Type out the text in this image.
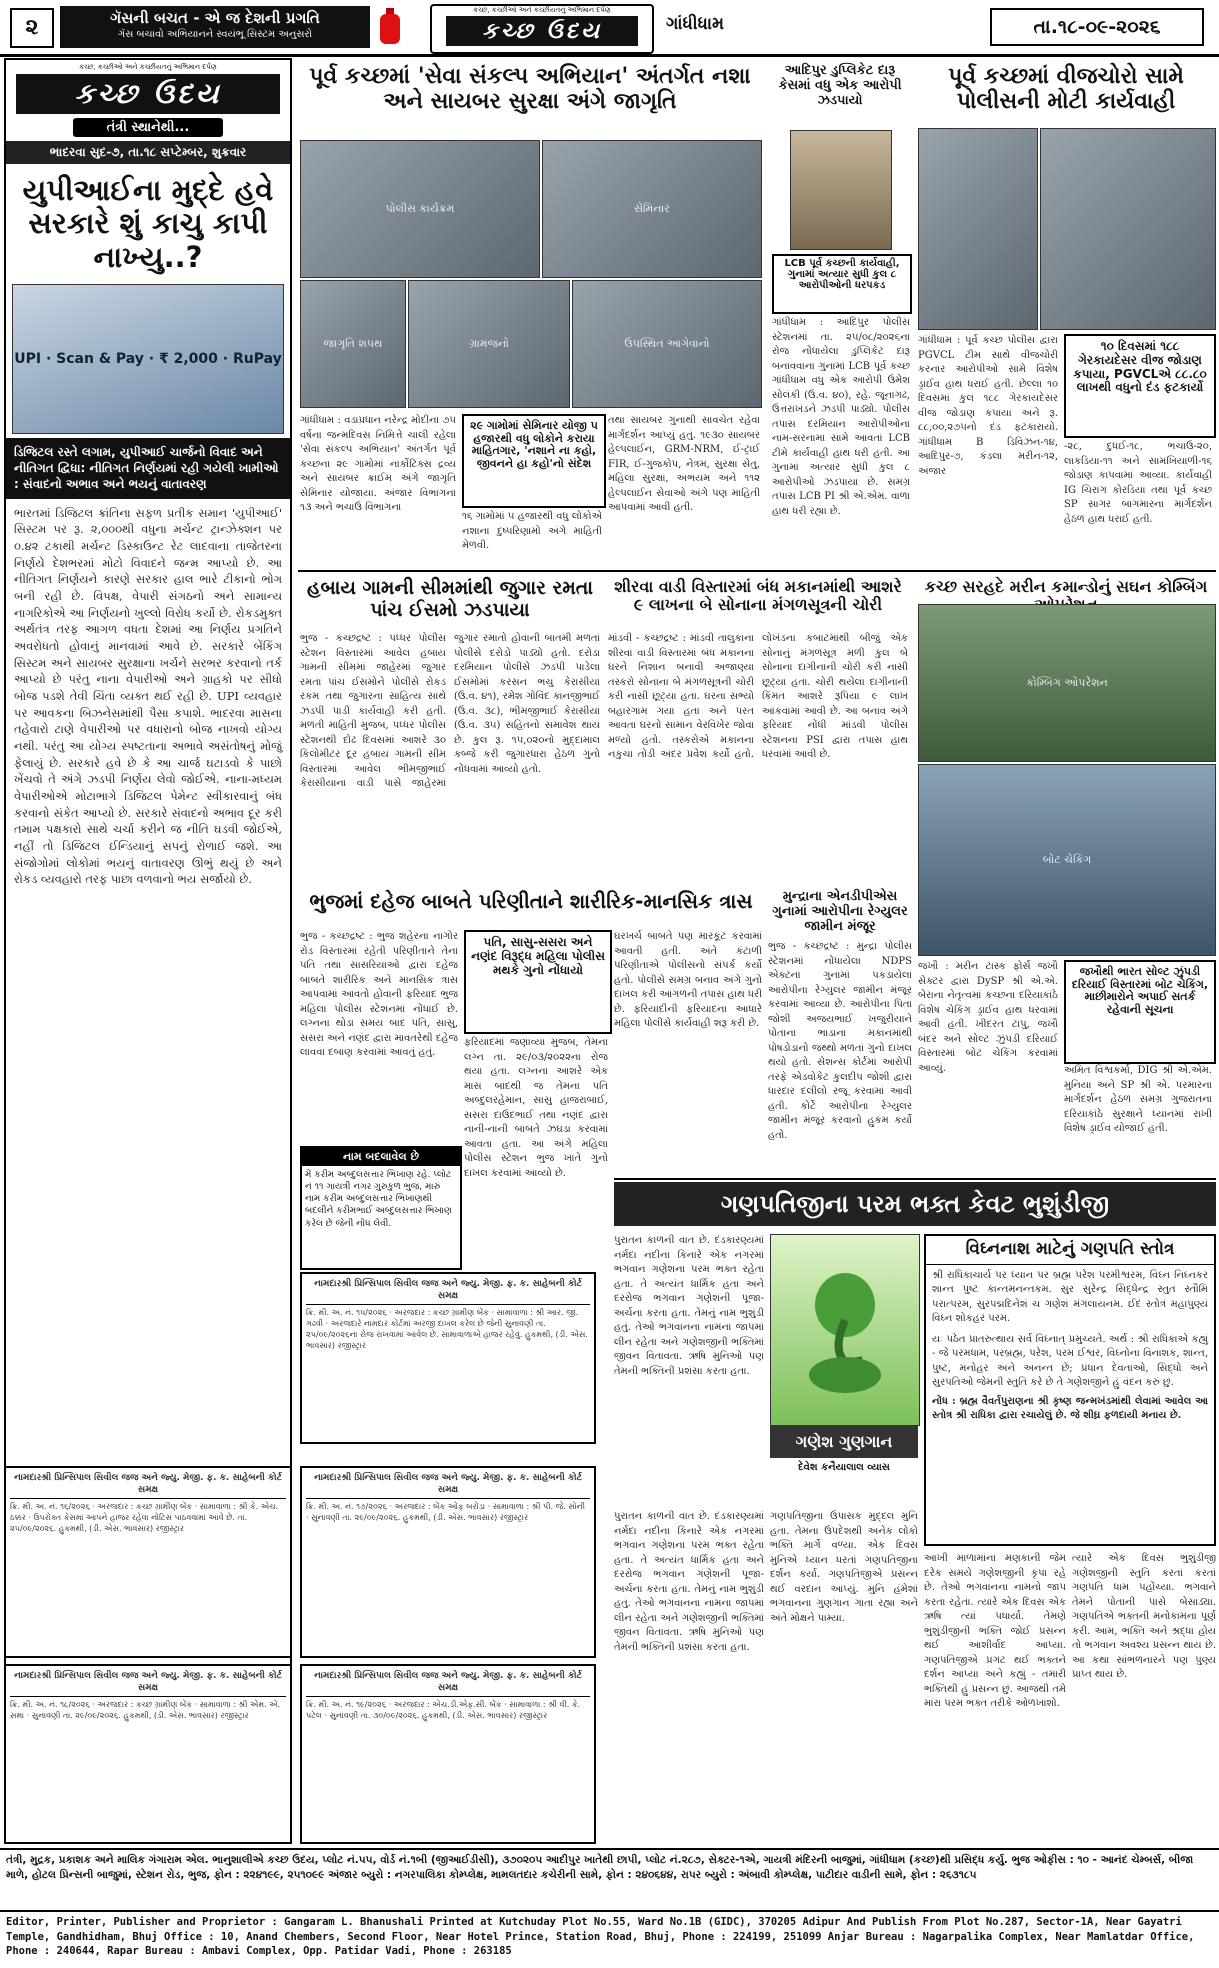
૨	ગૅસની બચત - એ જ દેશની પ્રગતિ
ગૅસ બચાવો અભિયાનને સ્વયંભૂ સિસ્ટમ અનુસરો
કચ્છ, કચ્છીઓ અને કચ્છીયતનું અભિમાન દર્પણ
કચ્છ ઉદય	ગાંધીધામ	તા.૧૮-૦૯-૨૦૨૬
કચ્છ, કચ્છીઓ અને કચ્છીયતનું અભિમાન દર્પણ
કચ્છ ઉદય
તંત્રી સ્થાનેથી...
ભાદરવા સુદ-૭, તા.૧૮ સપ્ટેમ્બર, શુક્રવાર
યુપીઆઈના મુદ્દે હવે સરકારે શું કાચુ કાપી નાખ્યુ..?
UPI · Scan & Pay · ₹ 2,000 · RuPay
ડિજિટલ રસ્તે લગામ, યુપીઆઈ ચાર્જનો વિવાદ અને નીતિગત દ્વિધા: નીતિગત નિર્ણયમાં રહી ગયેલી ખામીઓ : સંવાદનો અભાવ અને ભયનું વાતાવરણ
ભારતમાં ડિજિટલ ક્રાંતિના સફળ પ્રતીક સમાન 'યુપીઆઈ' સિસ્ટમ પર રૂ. ૨,૦૦૦થી વધુના મર્ચન્ટ ટ્રાન્ઝેક્શન પર ૦.૪૨ ટકાથી મર્ચન્ટ ડિસ્કાઉન્ટ રેટ લાદવાના તાજેતરના નિર્ણયે દેશભરમાં મોટો વિવાદને જન્મ આપ્યો છે. આ નીતિગત નિર્ણયને કારણે સરકાર હાલ ભારે ટીકાનો ભોગ બની રહી છે. વિપક્ષ, વેપારી સંગઠનો અને સામાન્ય નાગરિકોએ આ નિર્ણયનો ખુલ્લો વિરોધ કર્યો છે. રોકડમુક્ત અર્થતંત્ર તરફ આગળ વધતા દેશમાં આ નિર્ણય પ્રગતિને અવરોધતો હોવાનું માનવામાં આવે છે. સરકારે બેંકિંગ સિસ્ટમ અને સાયબર સુરક્ષાના ખર્ચને સરભર કરવાનો તર્ક આપ્યો છે પરંતુ નાના વેપારીઓ અને ગ્રાહકો પર સીધો બોજ પડશે તેવી ચિંતા વ્યક્ત થઈ રહી છે. UPI વ્યવહાર પર આવકના બિઝનેસમાંથી પૈસા કપાશે. ભાદરવા માસના તહેવારો ટાણે વેપારીઓ પર વધારાનો બોજ નાખવો યોગ્ય નથી. પરંતુ આ યોગ્ય સ્પષ્ટતાના અભાવે અસંતોષનું મોજું ફેલાયું છે. સરકારે હવે છે કે આ ચાર્જ ઘટાડવો કે પાછો ખેંચવો તે અંગે ઝડપી નિર્ણય લેવો જોઈએ. નાના-મધ્યમ વેપારીઓએ મોટાભાગે ડિજિટલ પેમેન્ટ સ્વીકારવાનું બંધ કરવાનો સંકેત આપ્યો છે. સરકારે સંવાદનો અભાવ દૂર કરી તમામ પક્ષકારો સાથે ચર્ચા કરીને જ નીતિ ઘડવી જોઈએ, નહીં તો ડિજિટલ ઈન્ડિયાનું સપનું રોળાઈ જશે. આ સંજોગોમાં લોકોમાં ભયનું વાતાવરણ ઊભું થયું છે અને રોકડ વ્યવહારો તરફ પાછા વળવાનો ભય સર્જાયો છે.
પૂર્વ કચ્છમાં 'સેવા સંકલ્પ અભિયાન' અંતર્ગત નશા અને સાયબર સુરક્ષા અંગે જાગૃતિ
પોલીસ કાર્યક્રમ	સેમિનાર
જાગૃતિ શપથ	ગ્રામજનો	ઉપસ્થિત આગેવાનો
ગાંધીધામ : વડાપ્રધાન નરેન્દ્ર મોદીના ૭૫ વર્ષના જન્મદિવસ નિમિત્તે ચાલી રહેલા 'સેવા સંકલ્પ અભિયાન' અંતર્ગત પૂર્વ કચ્છના ૨૯ ગામોમાં નાર્કોટિક્સ દ્રવ્ય અને સાયબર ક્રાઈમ અંગે જાગૃતિ સેમિનાર યોજાયા. અંજાર વિભાગના ૧૩ અને ભચાઉ વિભાગના
૨૯ ગામોમાં સેમિનાર યોજી ૫ હજારથી વધુ લોકોને કરાયા માહિતગાર, 'નશાને ના કહો, જીવનને હા કહો'નો સંદેશ
૧૬ ગામોમાં ૫ હજારથી વધુ લોકોએ નશાના દુષ્પરિણામો અંગે માહિતી મેળવી.
તથા સાયબર ગુનાથી સાવચેત રહેવા માર્ગદર્શન આપ્યું હતું. ૧૯૩૦ સાયબર હેલ્પલાઈન, GRM-NRM, ઈ-ટ્રાઈ FIR, ઈ-ગુજકોપ, નેત્રમ, સુરક્ષા સેતુ, મહિલા સુરક્ષા, અભયમ અને ૧૧૨ હેલ્પલાઈન સેવાઓ અંગે પણ માહિતી આપવામાં આવી હતી.
આદિપુર ડુપ્લિકેટ દારૂ કેસમાં વધુ એક આરોપી ઝડપાયો
LCB પૂર્વ કચ્છની કાર્યવાહી, ગુનામાં અત્યાર સુધી કુલ ૮ આરોપીઓની ધરપકડ
ગાંધીધામ : આદિપુર પોલીસ સ્ટેશનમાં તા. ૨૫/૦૮/૨૦૨૬ના રોજ નોંધાયેલા ડુપ્લિકેટ દારૂ બનાવવાના ગુનામાં LCB પૂર્વ કચ્છ ગાંધીધામ વધુ એક આરોપી ઉમેશ સોલંકી (ઉ.વ. ૪૦), રહે. જૂનાગઢ, ઉત્તરાખંડને ઝડપી પાડ્યો. પોલીસ તપાસ દરમિયાન આરોપીઓના નામ-સરનામા સામે આવતાં LCB ટીમે કાર્યવાહી હાથ ધરી હતી. આ ગુનામાં અત્યાર સુધી કુલ ૮ આરોપીઓ ઝડપાયા છે. સમગ્ર તપાસ LCB PI શ્રી એ.એમ. વાળા હાથ ધરી રહ્યા છે.
પૂર્વ કચ્છમાં વીજચોરો સામે પોલીસની મોટી કાર્યવાહી
ગાંધીધામ : પૂર્વ કચ્છ પોલીસ દ્વારા PGVCL ટીમ સાથે વીજચોરી કરનાર આરોપીઓ સામે વિશેષ ડ્રાઈવ હાથ ધરાઈ હતી. છેલ્લા ૧૦ દિવસમાં કુલ ૧૮૮ ગેરકાયદેસર વીજ જોડાણ કપાયા અને રૂ. ૮૮,૦૦,૨૭૫નો દંડ ફટકારાયો. ગાંધીધામ B ડિવિઝન-૧૪, આદિપુર-૭, કંડલા મરીન-૧૨, અંજાર
૧૦ દિવસમાં ૧૮૮ ગેરકાયદેસર વીજ જોડાણ કપાયા, PGVCLએ ૮૮.૮૦ લાખથી વધુનો દંડ ફટકાર્યો
-૨૮, દુધઈ-૧૮, ભચાઉ-૨૦, લાકડિયા-૧૧ અને સામખિયાળી-૧૬ જોડાણ કાપવામાં આવ્યા. કાર્યવાહી IG ચિરાગ કોરડિયા તથા પૂર્વ કચ્છ SP સાગર બાગમારના માર્ગદર્શન હેઠળ હાથ ધરાઈ હતી.
હબાય ગામની સીમમાંથી જુગાર રમતા પાંચ ઈસમો ઝડપાયા
ભુજ - કચ્છદ્રષ્ટ : પધ્ધર પોલીસ સ્ટેશન વિસ્તારમાં આવેલ હબાય ગામની સીમમાં જાહેરમાં જુગાર રમતા પાંચ ઈસમોને પોલીસે રોકડ રકમ તથા જુગારના સાહિત્ય સાથે ઝડપી પાડી કાર્યવાહી કરી હતી. મળતી માહિતી મુજબ, પધ્ધર પોલીસ સ્ટેશનથી દોઢ દિવસમાં આશરે ૩૦ કિલોમીટર દૂર હબાય ગામની સીમ વિસ્તારમાં આવેલ ભીમજીભાઈ કેરાસીયાના વાડી પાસે જાહેરમાં જુગાર રમાતો હોવાની બાતમી મળતાં પોલીસે દરોડો પાડ્યો હતો. દરોડા દરમિયાન પોલીસે ઝડપી પાડેલા ઈસમોમાં કરસન ભચુ કેરાસીયા (ઉ.વ. ૪૧), રમેશ ગોવિંદ કાનજીભાઈ (ઉ.વ. ૩૮), ભીમજીભાઈ કેરાસીયા (ઉ.વ. ૩૫) સહિતનો સમાવેશ થાય છે. કુલ રૂ. ૧૫,૦૨૦નો મુદ્દામાલ કબ્જે કરી જુગારધારા હેઠળ ગુનો નોંધવામાં આવ્યો હતો.
શીરવા વાડી વિસ્તારમાં બંધ મકાનમાંથી આશરે ૯ લાખના બે સોનાના મંગળસૂત્રની ચોરી
માંડવી - કચ્છદ્રષ્ટ : માંડવી તાલુકાના શીરવા વાડી વિસ્તારમાં બંધ મકાનના ઘરને નિશાન બનાવી અજાણ્યા તસ્કરો સોનાના બે મંગળસૂત્રની ચોરી કરી નાસી છૂટ્યા હતા. ઘરના સભ્યો બહારગામ ગયા હતા અને પરત આવતા ઘરનો સામાન વેરવિખેર જોવા મળ્યો હતો. તસ્કરોએ મકાનના નકુચા તોડી અંદર પ્રવેશ કર્યો હતો. લોખંડના કબાટમાંથી બીજું એક સોનાનું મંગળસૂત્ર મળી કુલ બે સોનાના દાગીનાની ચોરી કરી નાસી છૂટ્યા હતા. ચોરી થયેલા દાગીનાની કિંમત આશરે રૂપિયા ૯ લાખ આંકવામાં આવી છે. આ બનાવ અંગે ફરિયાદ નોંધી માંડવી પોલીસ સ્ટેશનના PSI દ્વારા તપાસ હાથ ધરવામાં આવી છે.
કચ્છ સરહદે મરીન કમાન્ડોનું સઘન કોમ્બિંગ
કોમ્બિંગ ઓપરેશન
બોટ ચેકિંગ
જખૌ : મરીન ટાસ્ક ફોર્સ જખૌ સેક્ટર દ્વારા DySP શ્રી એ.એ. બેરાના નેતૃત્વમાં કચ્છના દરિયાકાંઠે વિશેષ ચેકિંગ ડ્રાઈવ હાથ ધરવામાં આવી હતી. ખીદરત ટાપુ, જખૌ બંદર અને સોલ્ટ ઝુંપડી દરિયાઈ વિસ્તારમાં બોટ ચેકિંગ કરવામાં આવ્યું.
જખૌથી ભારત સોલ્ટ ઝુંપડી દરિયાઈ વિસ્તારમાં બોટ ચેકિંગ, માછીમારોને અપાઈ સતર્ક રહેવાની સૂચના
અમિત વિશ્વકર્મા, DIG શ્રી એ.એમ. મુનિયા અને SP શ્રી એ. પરમારના માર્ગદર્શન હેઠળ સમગ્ર ગુજરાતના દરિયાકાંઠે સુરક્ષાને ધ્યાનમાં રાખી વિશેષ ડ્રાઈવ યોજાઈ હતી.
ભુજમાં દહેજ બાબતે પરિણીતાને શારીરિક-માનસિક ત્રાસ
ભુજ - કચ્છદ્રષ્ટ : ભુજ શહેરના નાગોર રોડ વિસ્તારમાં રહેતી પરિણીતાને તેના પતિ તથા સાસરિયાઓ દ્વારા દહેજ બાબતે શારીરિક અને માનસિક ત્રાસ આપવામાં આવતો હોવાની ફરિયાદ ભુજ મહિલા પોલીસ સ્ટેશનમાં નોંધાઈ છે. લગ્નના થોડા સમય બાદ પતિ, સાસુ, સસરા અને નણંદ દ્વારા માવતરેથી દહેજ લાવવા દબાણ કરવામાં આવતું હતું.
પતિ, સાસુ-સસરા અને નણંદ વિરૂદ્ધ મહિલા પોલીસ મથકે ગુનો નોંધાયો
ફરિયાદમાં જણાવ્યા મુજબ, તેમના લગ્ન તા. ૨૯/૦૩/૨૦૨૨ના રોજ થયા હતા. લગ્નના આશરે એક માસ બાદથી જ તેમના પતિ અબ્દુલરહેમાન, સાસુ હાજરાબાઈ, સસરા દાઉદભાઈ તથા નણંદ દ્વારા નાની-નાની બાબતે ઝઘડા કરવામાં આવતા હતા. આ અંગે મહિલા પોલીસ સ્ટેશન ભુજ ખાતે ગુનો દાખલ કરવામાં આવ્યો છે.
ઘરખર્ચ બાબતે પણ મારકૂટ કરવામાં આવતી હતી. અંતે કંટાળી પરિણીતાએ પોલીસનો સંપર્ક કર્યો હતો. પોલીસે સમગ્ર બનાવ અંગે ગુનો દાખલ કરી આગળની તપાસ હાથ ધરી છે. ફરિયાદીની ફરિયાદના આધારે મહિલા પોલીસે કાર્યવાહી શરૂ કરી છે.
નામ બદલાવેલ છે
મેં કરીમ અબ્દુલસત્તાર ભિખાણ રહે. પ્લોટ નં ૧૧ ગાયત્રી નગર ગુરુકુળ ભુજ, મારું નામ કરીમ અબ્દુલસત્તાર ભિખાણથી બદલીને કરીમભાઈ અબ્દુલસત્તાર ભિખાણ કરેલ છે જેની નોંધ લેવી.
મુન્દ્રાના એનડીપીએસ ગુનામાં આરોપીના રેગ્યુલર જામીન મંજૂર
ભુજ - કચ્છદ્રષ્ટ : મુન્દ્રા પોલીસ સ્ટેશનમાં નોંધાયેલા NDPS એક્ટના ગુનામાં પકડાયેલા આરોપીના રેગ્યુલર જામીન મંજૂર કરવામાં આવ્યા છે. આરોપીના પિતા જોશી અજયભાઈ ખજુરીયાને પોતાના ભાડાના મકાનમાંથી પોષડોડાનો જથ્થો મળતાં ગુનો દાખલ થયો હતો. સેશન્સ કોર્ટમાં આરોપી તરફે એડવોકેટ કુલદીપ જોશી દ્વારા ધારદાર દલીલો રજૂ કરવામાં આવી હતી. કોર્ટે આરોપીના રેગ્યુલર જામીન મંજૂર કરવાનો હુકમ કર્યો હતો.
ગણપતિજીના પરમ ભક્ત કેવટ ભુશુંડીજી
પુરાતન કાળની વાત છે. દંડકારણ્યમાં નર્મદા નદીના કિનારે એક નગરમાં ભગવાન ગણેશના પરમ ભક્ત રહેતા હતા. તે અત્યંત ધાર્મિક હતા અને દરરોજ ભગવાન ગણેશની પૂજા-અર્ચના કરતા હતા. તેમનું નામ ભુશુંડી હતું. તેઓ ભગવાનના નામના જાપમાં લીન રહેતા અને ગણેશજીની ભક્તિમાં જીવન વિતાવતા. ઋષિ મુનિઓ પણ તેમની ભક્તિની પ્રશંસા કરતા હતા.
ગણેશ ગુણગાન
દેવેશ કનૈયાલાલ વ્યાસ
વિઘ્નનાશ માટેનું ગણપતિ સ્તોત્ર
શ્રી રાધિકાચાર્ય પર ધ્યાન પર બ્રહ્મ પરેશ પરમીશ્વરમ, વિઘ્ન નિઘ્નકર શાન્ત પુષ્ટ કાન્તમનન્તકમ. સુર સુરેન્દ્ર સિદ્ધેન્દ્ર સ્તુત સ્તૌમિ પરાત્પરમ, સુરપદ્મદિનેશં ચ ગણેશં મંગલાયનમ. ઈદં સ્તોત્રં મહાપુણ્યં વિઘ્ન શોકહરં પરમ.
યઃ પઠેત પ્રાતરુત્થાય સર્વ વિઘ્નાત્ પ્રમુચ્યતે. અર્થ : શ્રી રાધિકાએ કહ્યું - જે પરમધામ, પરબ્રહ્મ, પરેશ, પરમ ઈશ્વર, વિઘ્નોના વિનાશક, શાન્ત, પુષ્ટ, મનોહર અને અનન્ત છે; પ્રધાન દેવતાઓ, સિદ્ધો અને સુરપતિઓ જેમની સ્તુતિ કરે છે તે ગણેશજીને હું વંદન કરું છું.
નોંધ : બ્રહ્મ વૈવર્તપુરાણના શ્રી કૃષ્ણ જન્મખંડમાંથી લેવામાં આવેલ આ સ્તોત્ર શ્રી રાધિકા દ્વારા રચાયેલું છે. જે શીઘ્ર ફળદાયી મનાય છે.
ગણપતિજીના ઉપાસક મુદ્દલ મુનિ હતા. તેમના ઉપદેશથી અનેક લોકો ભક્તિ માર્ગે વળ્યા. એક દિવસ મુનિએ ધ્યાન ધરતાં ગણપતિજીના દર્શન કર્યા. ગણપતિજીએ પ્રસન્ન થઈ વરદાન આપ્યું. મુનિ હંમેશાં ભગવાનના ગુણગાન ગાતા રહ્યા અને અંતે મોક્ષને પામ્યા.
પુરાતન કાળની વાત છે. દંડકારણ્યમાં નર્મદા નદીના કિનારે એક નગરમાં ભગવાન ગણેશના પરમ ભક્ત રહેતા હતા. તે અત્યંત ધાર્મિક હતા અને દરરોજ ભગવાન ગણેશની પૂજા-અર્ચના કરતા હતા. તેમનું નામ ભુશુંડી હતું. તેઓ ભગવાનના નામના જાપમાં લીન રહેતા અને ગણેશજીની ભક્તિમાં જીવન વિતાવતા. ઋષિ મુનિઓ પણ તેમની ભક્તિની પ્રશંસા કરતા હતા.
આખી માળામાંના મણકાની જેમ દરેક સમયે ગણેશજીની કૃપા રહે છે. તેઓ ભગવાનના નામનો જાપ કરતા રહેતા. ત્યારે એક દિવસ એક ઋષિ ત્યાં પધાર્યા. તેમણે ભુશુંડીજીની ભક્તિ જોઈ પ્રસન્ન થઈ આશીર્વાદ આપ્યા. ગણપતિજીએ પ્રગટ થઈ ભક્તને દર્શન આપ્યા અને કહ્યું - તમારી ભક્તિથી હું પ્રસન્ન છું. આજથી તમે મારા પરમ ભક્ત તરીકે ઓળખાશો.
ત્યારે એક દિવસ ભુશુંડીજી ગણેશજીની સ્તુતિ કરતાં કરતાં ગણપતિ ધામ પહોંચ્યા. ભગવાને તેમને પોતાની પાસે બેસાડ્યા. ગણપતિએ ભક્તની મનોકામના પૂર્ણ કરી. આમ, ભક્તિ અને શ્રદ્ધા હોય તો ભગવાન અવશ્ય પ્રસન્ન થાય છે. આ કથા સાંભળનારને પણ પુણ્ય પ્રાપ્ત થાય છે.
નામદારશ્રી પ્રિન્સિપાલ સિવીલ જજ અને જ્યુ. મેજી. ફ. ક. સાહેબની કોર્ટ સમક્ષ
ક્રિ. મી. અ. નં. ૧૫/૨૦૨૬ · અરજદાર : કચ્છ ગ્રામીણ બેંક · સામાવાળા : શ્રી આર. જી. ગઢવી · અરજદારે નામદાર કોર્ટમાં અરજી દાખલ કરેલ છે જેની સુનાવણી તા. ૨૫/૦૯/૨૦૨૬ના રોજ રાખવામાં આવેલ છે. સામાવાળાએ હાજર રહેવું. હુકમથી, (ડી. એસ. ભાવસાર) રજીસ્ટ્રાર
નામદારશ્રી પ્રિન્સિપાલ સિવીલ જજ અને જ્યુ. મેજી. ફ. ક. સાહેબની કોર્ટ સમક્ષ
ક્રિ. મી. અ. નં. ૧૬/૨૦૨૬ · અરજદાર : કચ્છ ગ્રામીણ બેંક · સામાવાળા : શ્રી કે. એચ. ઠક્કર · ઉપરોક્ત કેસમાં આપને હાજર રહેવા નોટિસ પાઠવવામાં આવે છે. તા. ૨૫/૦૯/૨૦૨૬. હુકમથી, (ડી. એસ. ભાવસાર) રજીસ્ટ્રાર
નામદારશ્રી પ્રિન્સિપાલ સિવીલ જજ અને જ્યુ. મેજી. ફ. ક. સાહેબની કોર્ટ સમક્ષ
ક્રિ. મી. અ. નં. ૧૭/૨૦૨૬ · અરજદાર : બેંક ઓફ બરોડા · સામાવાળા : શ્રી પી. જે. સોની · સુનાવણી તા. ૨૯/૦૯/૨૦૨૬. હુકમથી, (ડી. એસ. ભાવસાર) રજીસ્ટ્રાર
નામદારશ્રી પ્રિન્સિપાલ સિવીલ જજ અને જ્યુ. મેજી. ફ. ક. સાહેબની કોર્ટ સમક્ષ
ક્રિ. મી. અ. નં. ૧૮/૨૦૨૬ · અરજદાર : કચ્છ ગ્રામીણ બેંક · સામાવાળા : શ્રી એમ. એ. સમા · સુનાવણી તા. ૨૯/૦૯/૨૦૨૬. હુકમથી, (ડી. એસ. ભાવસાર) રજીસ્ટ્રાર
નામદારશ્રી પ્રિન્સિપાલ સિવીલ જજ અને જ્યુ. મેજી. ફ. ક. સાહેબની કોર્ટ સમક્ષ
ક્રિ. મી. અ. નં. ૧૯/૨૦૨૬ · અરજદાર : એચ.ડી.એફ.સી. બેંક · સામાવાળા : શ્રી વી. કે. પટેલ · સુનાવણી તા. ૩૦/૦૯/૨૦૨૬. હુકમથી, (ડી. એસ. ભાવસાર) રજીસ્ટ્રાર
તંત્રી, મુદ્રક, પ્રકાશક અને માલિક ગંગારામ એલ. ભાનુશાલીએ કચ્છ ઉદય, પ્લોટ નં.૫૫, વોર્ડ નં.૧બી (જીઆઈડીસી), ૩૭૦૨૦૫ આદીપુર ખાતેથી છાપી, પ્લોટ નં.૨૮૭, સેક્ટર-૧એ, ગાયત્રી મંદિરની બાજુમાં, ગાંધીધામ (કચ્છ)થી પ્રસિદ્ધ કર્યુ. ભુજ ઓફીસ : ૧૦ - આનંદ ચેમ્બર્સ, બીજા માળે, હોટલ પ્રિન્સની બાજુમાં, સ્ટેશન રોડ, ભુજ, ફોન : ૨૨૪૧૯૯, ૨૫૧૦૯૯ અંજાર બ્યુરો : નગરપાલિકા કોમ્પ્લેક્ષ, મામલતદાર કચેરીની સામે, ફોન : ૨૪૦૬૪૪, રાપર બ્યુરો : અંબાવી કોમ્પ્લેક્ષ, પાટીદાર વાડીની સામે, ફોન : ૨૬૩૧૮૫
Editor, Printer, Publisher and Proprietor : Gangaram L. Bhanushali Printed at Kutchuday Plot No.55, Ward No.1B (GIDC), 370205 Adipur And Publish From Plot No.287, Sector-1A, Near Gayatri Temple, Gandhidham, Bhuj Office : 10, Anand Chembers, Second Floor, Near Hotel Prince, Station Road, Bhuj, Phone : 224199, 251099 Anjar Bureau : Nagarpalika Complex, Near Mamlatdar Office, Phone : 240644, Rapar Bureau : Ambavi Complex, Opp. Patidar Vadi, Phone : 263185
